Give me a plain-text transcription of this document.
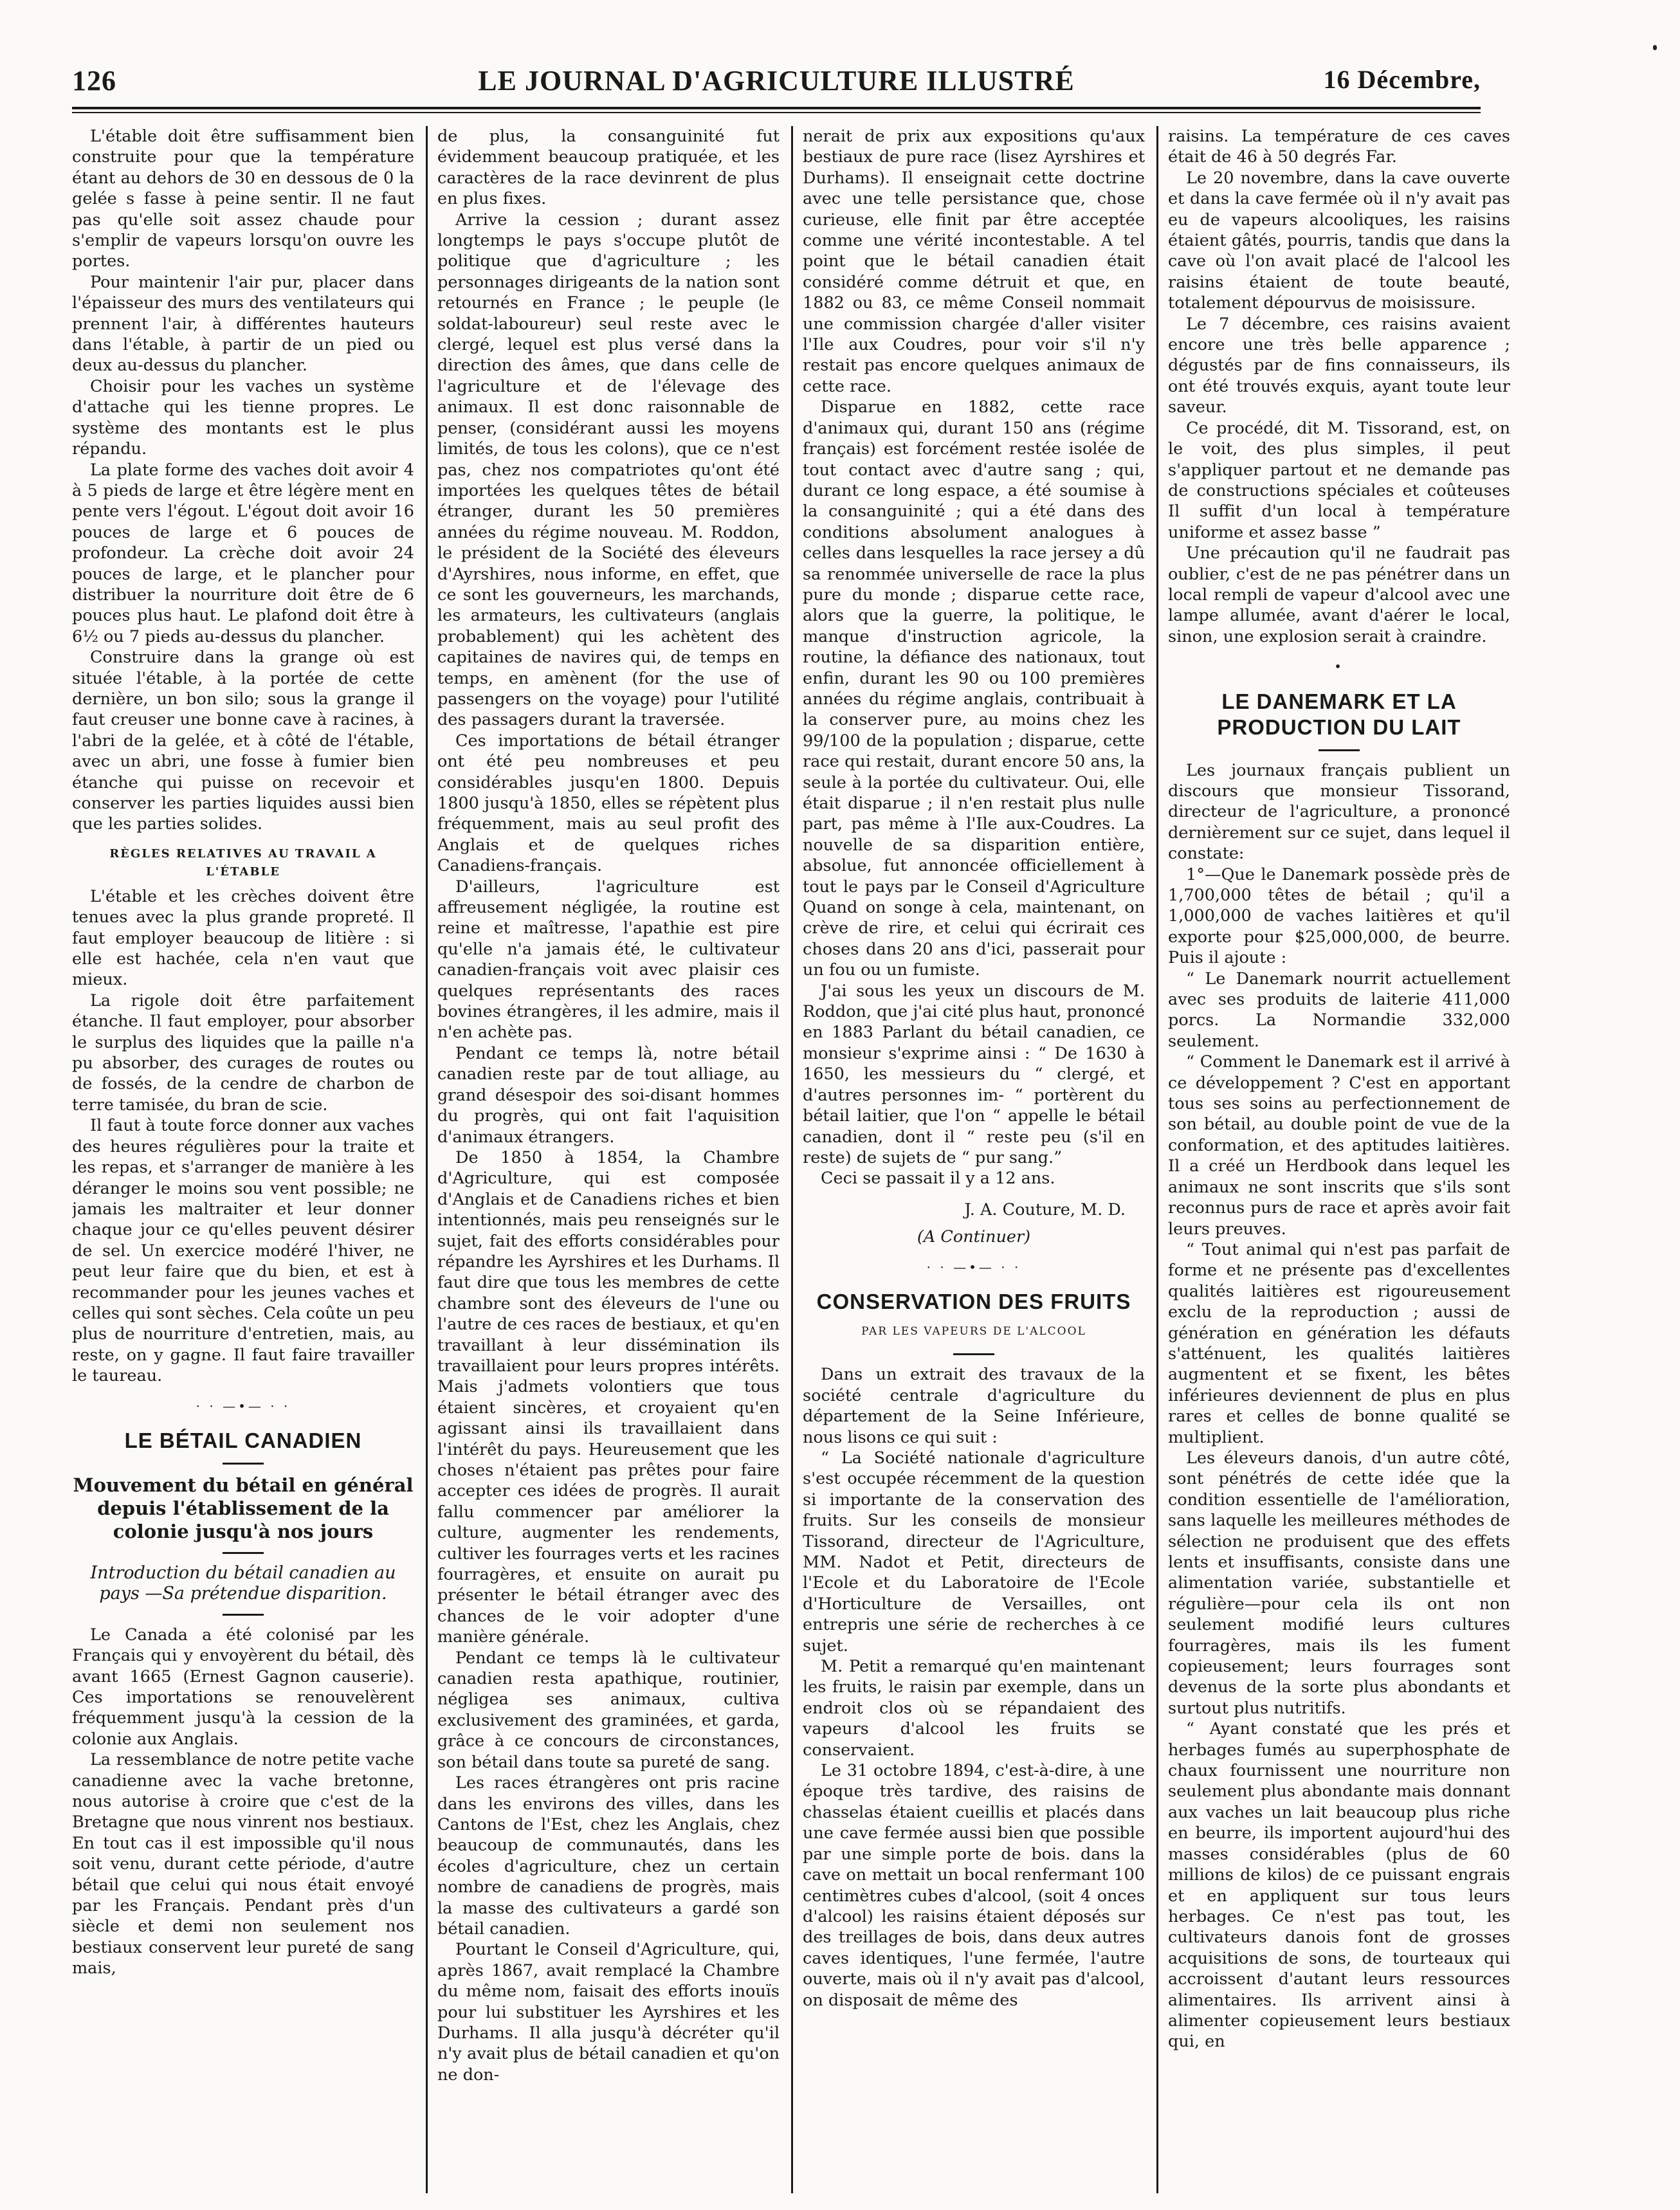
126	LE JOURNAL D'AGRICULTURE ILLUSTRÉ	16 Décembre,

L'étable doit être suffisamment bien construite pour que la température étant au dehors de 30 en dessous de 0 la gelée s fasse à peine sentir. Il ne faut pas qu'elle soit assez chaude pour s'emplir de vapeurs lorsqu'on ouvre les portes.

Pour maintenir l'air pur, placer dans l'épaisseur des murs des ventilateurs qui prennent l'air, à différentes hauteurs dans l'étable, à partir de un pied ou deux au-dessus du plancher.

Choisir pour les vaches un système d'attache qui les tienne propres. Le système des montants est le plus répandu.

La plate forme des vaches doit avoir 4 à 5 pieds de large et être légère ment en pente vers l'égout. L'égout doit avoir 16 pouces de large et 6 pouces de profondeur. La crèche doit avoir 24 pouces de large, et le plancher pour distribuer la nourriture doit être de 6 pouces plus haut. Le plafond doit être à 6½ ou 7 pieds au-dessus du plancher.

Construire dans la grange où est située l'étable, à la portée de cette dernière, un bon silo; sous la grange il faut creuser une bonne cave à racines, à l'abri de la gelée, et à côté de l'étable, avec un abri, une fosse à fumier bien étanche qui puisse on recevoir et conserver les parties liquides aussi bien que les parties solides.

RÈGLES RELATIVES AU TRAVAIL A L'ÉTABLE

L'étable et les crèches doivent être tenues avec la plus grande propreté. Il faut employer beaucoup de litière : si elle est hachée, cela n'en vaut que mieux.

La rigole doit être parfaitement étanche. Il faut employer, pour absorber le surplus des liquides que la paille n'a pu absorber, des curages de routes ou de fossés, de la cendre de charbon de terre tamisée, du bran de scie.

Il faut à toute force donner aux vaches des heures régulières pour la traite et les repas, et s'arranger de manière à les déranger le moins sou vent possible; ne jamais les maltraiter et leur donner chaque jour ce qu'elles peuvent désirer de sel. Un exercice modéré l'hiver, ne peut leur faire que du bien, et est à recommander pour les jeunes vaches et celles qui sont sèches. Cela coûte un peu plus de nourriture d'entretien, mais, au reste, on y gagne. Il faut faire travailler le taureau.

· · —•— · ·
LE BÉTAIL CANADIEN
Mouvement du bétail en général depuis l'établissement de la colonie jusqu'à nos jours

Introduction du bétail canadien au pays —Sa prétendue disparition.

Le Canada a été colonisé par les Français qui y envoyèrent du bétail, dès avant 1665 (Ernest Gagnon causerie). Ces importations se renouvelèrent fréquemment jusqu'à la cession de la colonie aux Anglais.

La ressemblance de notre petite vache canadienne avec la vache bretonne, nous autorise à croire que c'est de la Bretagne que nous vinrent nos bestiaux. En tout cas il est impossible qu'il nous soit venu, durant cette période, d'autre bétail que celui qui nous était envoyé par les Français. Pendant près d'un siècle et demi non seulement nos bestiaux conservent leur pureté de sang mais,

de plus, la consanguinité fut évidemment beaucoup pratiquée, et les caractères de la race devinrent de plus en plus fixes.

Arrive la cession ; durant assez longtemps le pays s'occupe plutôt de politique que d'agriculture ; les personnages dirigeants de la nation sont retournés en France ; le peuple (le soldat-laboureur) seul reste avec le clergé, lequel est plus versé dans la direction des âmes, que dans celle de l'agriculture et de l'élevage des animaux. Il est donc raisonnable de penser, (considérant aussi les moyens limités, de tous les colons), que ce n'est pas, chez nos compatriotes qu'ont été importées les quelques têtes de bétail étranger, durant les 50 premières années du régime nouveau. M. Roddon, le président de la Société des éleveurs d'Ayrshires, nous informe, en effet, que ce sont les gouverneurs, les marchands, les armateurs, les cultivateurs (anglais probablement) qui les achètent des capitaines de navires qui, de temps en temps, en amènent (for the use of passengers on the voyage) pour l'utilité des passagers durant la traversée.

Ces importations de bétail étranger ont été peu nombreuses et peu considérables jusqu'en 1800. Depuis 1800 jusqu'à 1850, elles se répètent plus fréquemment, mais au seul profit des Anglais et de quelques riches Canadiens-français.

D'ailleurs, l'agriculture est affreusement négligée, la routine est reine et maîtresse, l'apathie est pire qu'elle n'a jamais été, le cultivateur canadien-français voit avec plaisir ces quelques représentants des races bovines étrangères, il les admire, mais il n'en achète pas.

Pendant ce temps là, notre bétail canadien reste par de tout alliage, au grand désespoir des soi-disant hommes du progrès, qui ont fait l'aquisition d'animaux étrangers.

De 1850 à 1854, la Chambre d'Agriculture, qui est composée d'Anglais et de Canadiens riches et bien intentionnés, mais peu renseignés sur le sujet, fait des efforts considérables pour répandre les Ayrshires et les Durhams. Il faut dire que tous les membres de cette chambre sont des éleveurs de l'une ou l'autre de ces races de bestiaux, et qu'en travaillant à leur dissémination ils travaillaient pour leurs propres intérêts. Mais j'admets volontiers que tous étaient sincères, et croyaient qu'en agissant ainsi ils travaillaient dans l'intérêt du pays. Heureusement que les choses n'étaient pas prêtes pour faire accepter ces idées de progrès. Il aurait fallu commencer par améliorer la culture, augmenter les rendements, cultiver les fourrages verts et les racines fourragères, et ensuite on aurait pu présenter le bétail étranger avec des chances de le voir adopter d'une manière générale.

Pendant ce temps là le cultivateur canadien resta apathique, routinier, négligea ses animaux, cultiva exclusivement des graminées, et garda, grâce à ce concours de circonstances, son bétail dans toute sa pureté de sang.

Les races étrangères ont pris racine dans les environs des villes, dans les Cantons de l'Est, chez les Anglais, chez beaucoup de communautés, dans les écoles d'agriculture, chez un certain nombre de canadiens de progrès, mais la masse des cultivateurs a gardé son bétail canadien.

Pourtant le Conseil d'Agriculture, qui, après 1867, avait remplacé la Chambre du même nom, faisait des efforts inouïs pour lui substituer les Ayrshires et les Durhams. Il alla jusqu'à décréter qu'il n'y avait plus de bétail canadien et qu'on ne don-

nerait de prix aux expositions qu'aux bestiaux de pure race (lisez Ayrshires et Durhams). Il enseignait cette doctrine avec une telle persistance que, chose curieuse, elle finit par être acceptée comme une vérité incontestable. A tel point que le bétail canadien était considéré comme détruit et que, en 1882 ou 83, ce même Conseil nommait une commission chargée d'aller visiter l'Ile aux Coudres, pour voir s'il n'y restait pas encore quelques animaux de cette race.

Disparue en 1882, cette race d'animaux qui, durant 150 ans (régime français) est forcément restée isolée de tout contact avec d'autre sang ; qui, durant ce long espace, a été soumise à la consanguinité ; qui a été dans des conditions absolument analogues à celles dans lesquelles la race jersey a dû sa renommée universelle de race la plus pure du monde ; disparue cette race, alors que la guerre, la politique, le manque d'instruction agricole, la routine, la défiance des nationaux, tout enfin, durant les 90 ou 100 premières années du régime anglais, contribuait à la conserver pure, au moins chez les 99/100 de la population ; disparue, cette race qui restait, durant encore 50 ans, la seule à la portée du cultivateur. Oui, elle était disparue ; il n'en restait plus nulle part, pas même à l'Ile aux-Coudres. La nouvelle de sa disparition entière, absolue, fut annoncée officiellement à tout le pays par le Conseil d'Agriculture Quand on songe à cela, maintenant, on crève de rire, et celui qui écrirait ces choses dans 20 ans d'ici, passerait pour un fou ou un fumiste.

J'ai sous les yeux un discours de M. Roddon, que j'ai cité plus haut, prononcé en 1883 Parlant du bétail canadien, ce monsieur s'exprime ainsi : “ De 1630 à 1650, les messieurs du “ clergé, et d'autres personnes im- “ portèrent du bétail laitier, que l'on “ appelle le bétail canadien, dont il “ reste peu (s'il en reste) de sujets de “ pur sang.”

Ceci se passait il y a 12 ans.

J. A. Couture, M. D.

(A Continuer)

· · —•— · ·
CONSERVATION DES FRUITS

PAR LES VAPEURS DE L'ALCOOL

Dans un extrait des travaux de la société centrale d'agriculture du département de la Seine Inférieure, nous lisons ce qui suit :

“ La Société nationale d'agriculture s'est occupée récemment de la question si importante de la conservation des fruits. Sur les conseils de monsieur Tissorand, directeur de l'Agriculture, MM. Nadot et Petit, directeurs de l'Ecole et du Laboratoire de l'Ecole d'Horticulture de Versailles, ont entrepris une série de recherches à ce sujet.

M. Petit a remarqué qu'en maintenant les fruits, le raisin par exemple, dans un endroit clos où se répandaient des vapeurs d'alcool les fruits se conservaient.

Le 31 octobre 1894, c'est-à-dire, à une époque très tardive, des raisins de chasselas étaient cueillis et placés dans une cave fermée aussi bien que possible par une simple porte de bois. dans la cave on mettait un bocal renfermant 100 centimètres cubes d'alcool, (soit 4 onces d'alcool) les raisins étaient déposés sur des treillages de bois, dans deux autres caves identiques, l'une fermée, l'autre ouverte, mais où il n'y avait pas d'alcool, on disposait de même des

raisins. La température de ces caves était de 46 à 50 degrés Far.

Le 20 novembre, dans la cave ouverte et dans la cave fermée où il n'y avait pas eu de vapeurs alcooliques, les raisins étaient gâtés, pourris, tandis que dans la cave où l'on avait placé de l'alcool les raisins étaient de toute beauté, totalement dépourvus de moisissure.

Le 7 décembre, ces raisins avaient encore une très belle apparence ; dégustés par de fins connaisseurs, ils ont été trouvés exquis, ayant toute leur saveur.

Ce procédé, dit M. Tissorand, est, on le voit, des plus simples, il peut s'appliquer partout et ne demande pas de constructions spéciales et coûteuses Il suffit d'un local à température uniforme et assez basse ”

Une précaution qu'il ne faudrait pas oublier, c'est de ne pas pénétrer dans un local rempli de vapeur d'alcool avec une lampe allumée, avant d'aérer le local, sinon, une explosion serait à craindre.

•
LE DANEMARK ET LA PRODUCTION DU LAIT

Les journaux français publient un discours que monsieur Tissorand, directeur de l'agriculture, a prononcé dernièrement sur ce sujet, dans lequel il constate:

1°—Que le Danemark possède près de 1,700,000 têtes de bétail ; qu'il a 1,000,000 de vaches laitières et qu'il exporte pour $25,000,000, de beurre. Puis il ajoute :

“ Le Danemark nourrit actuellement avec ses produits de laiterie 411,000 porcs. La Normandie 332,000 seulement.

“ Comment le Danemark est il arrivé à ce développement ? C'est en apportant tous ses soins au perfectionnement de son bétail, au double point de vue de la conformation, et des aptitudes laitières. Il a créé un Herdbook dans lequel les animaux ne sont inscrits que s'ils sont reconnus purs de race et après avoir fait leurs preuves.

“ Tout animal qui n'est pas parfait de forme et ne présente pas d'excellentes qualités laitières est rigoureusement exclu de la reproduction ; aussi de génération en génération les défauts s'atténuent, les qualités laitières augmentent et se fixent, les bêtes inférieures deviennent de plus en plus rares et celles de bonne qualité se multiplient.

Les éleveurs danois, d'un autre côté, sont pénétrés de cette idée que la condition essentielle de l'amélioration, sans laquelle les meilleures méthodes de sélection ne produisent que des effets lents et insuffisants, consiste dans une alimentation variée, substantielle et régulière—pour cela ils ont non seulement modifié leurs cultures fourragères, mais ils les fument copieusement; leurs fourrages sont devenus de la sorte plus abondants et surtout plus nutritifs.

“ Ayant constaté que les prés et herbages fumés au superphosphate de chaux fournissent une nourriture non seulement plus abondante mais donnant aux vaches un lait beaucoup plus riche en beurre, ils importent aujourd'hui des masses considérables (plus de 60 millions de kilos) de ce puissant engrais et en appliquent sur tous leurs herbages. Ce n'est pas tout, les cultivateurs danois font de grosses acquisitions de sons, de tourteaux qui accroissent d'autant leurs ressources alimentaires. Ils arrivent ainsi à alimenter copieusement leurs bestiaux qui, en
